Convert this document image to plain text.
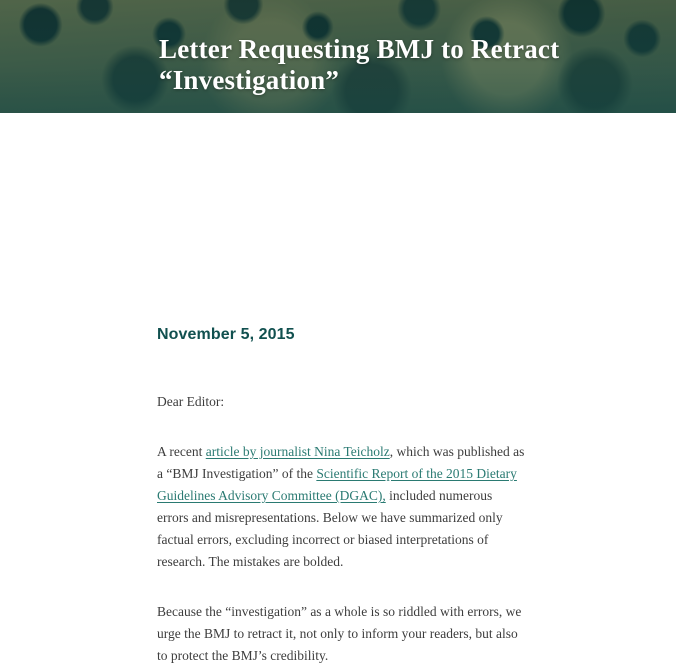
Letter Requesting BMJ to Retract “Investigation”
November 5, 2015

Dear Editor:

A recent article by journalist Nina Teicholz, which was published as a “BMJ Investigation” of the Scientific Report of the 2015 Dietary Guidelines Advisory Committee (DGAC), included numerous errors and misrepresentations. Below we have summarized only factual errors, excluding incorrect or biased interpretations of research. The mistakes are bolded.

Because the “investigation” as a whole is so riddled with errors, we urge the BMJ to retract it, not only to inform your readers, but also to protect the BMJ’s credibility.
